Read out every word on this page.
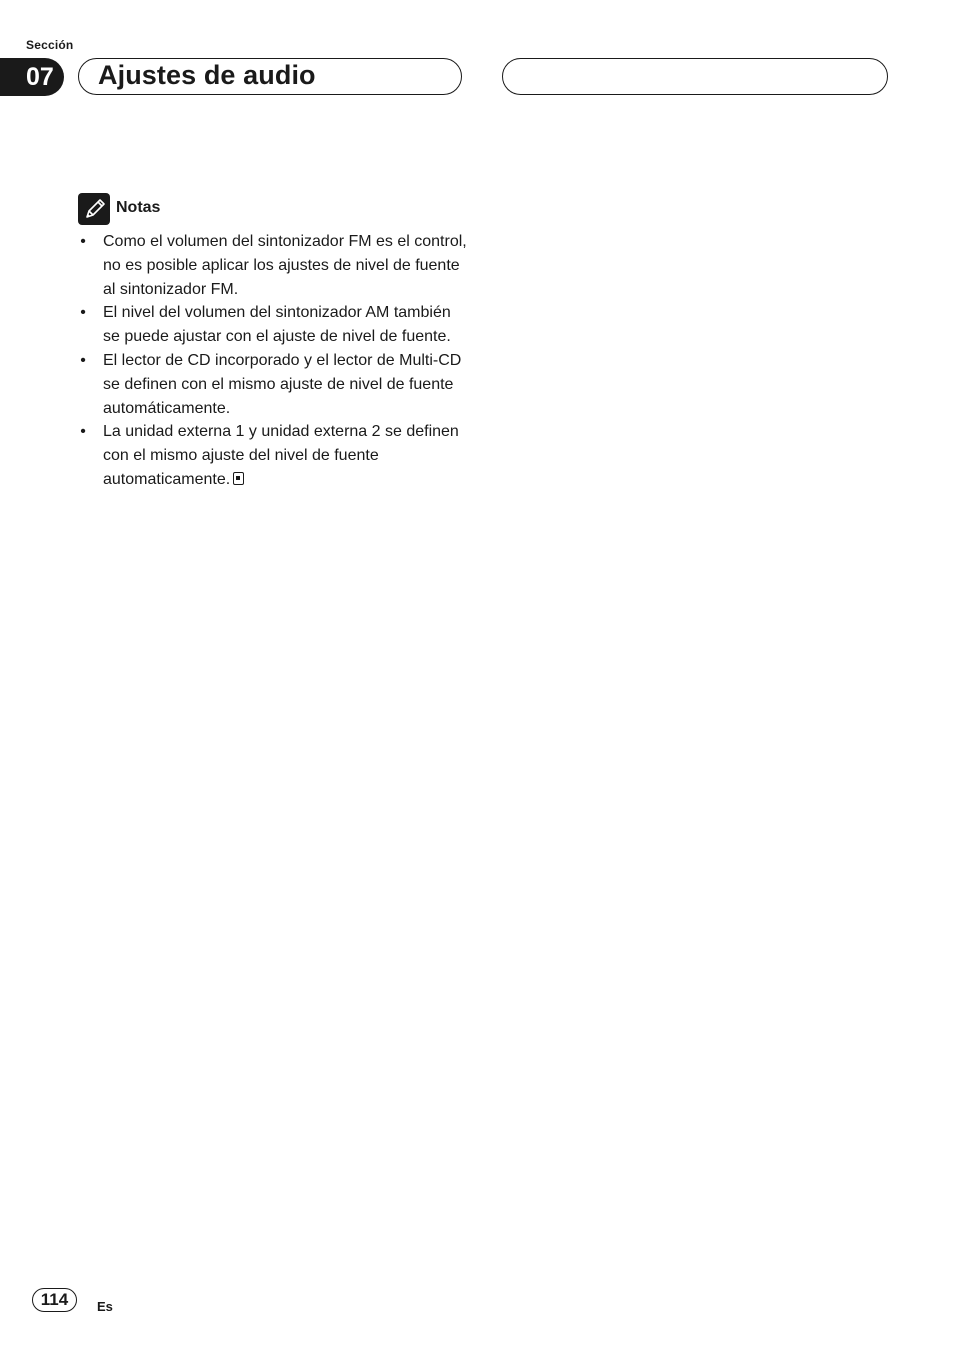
Sección
07 Ajustes de audio
Notas
• Como el volumen del sintonizador FM es el control, no es posible aplicar los ajustes de nivel de fuente al sintonizador FM.
• El nivel del volumen del sintonizador AM también se puede ajustar con el ajuste de nivel de fuente.
• El lector de CD incorporado y el lector de Multi-CD se definen con el mismo ajuste de nivel de fuente automáticamente.
• La unidad externa 1 y unidad externa 2 se definen con el mismo ajuste del nivel de fuente automaticamente.
114	Es
